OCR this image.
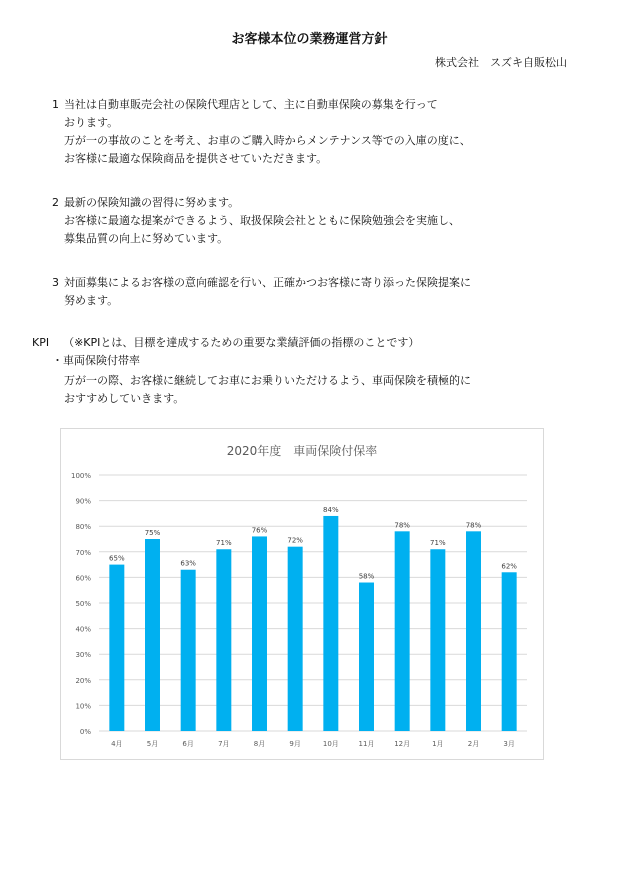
お客様本位の業務運営方針
株式会社　スズキ自販松山
1 当社は自動車販売会社の保険代理店として、主に自動車保険の募集を行って
おります。
万が一の事故のことを考え、お車のご購入時からメンテナンス等での入庫の度に、
お客様に最適な保険商品を提供させていただきます。
2 最新の保険知識の習得に努めます。
お客様に最適な提案ができるよう、取扱保険会社とともに保険勉強会を実施し、
募集品質の向上に努めています。
3 対面募集によるお客様の意向確認を行い、正確かつお客様に寄り添った保険提案に
努めます。
KPI （※KPIとは、目標を達成するための重要な業績評価の指標のことです）
・車両保険付帯率
万が一の際、お客様に継続してお車にお乗りいただけるよう、車両保険を積極的に
おすすめしていきます。
2020年度　車両保険付保率
0%
10%
20%
30%
40%
50%
60%
70%
80%
90%
100%
65%
75%
63%
71%
76%
72%
84%
58%
78%
71%
78%
62%
4月	5月	6月	7月	8月	9月	10月	11月	12月	1月	2月	3月
